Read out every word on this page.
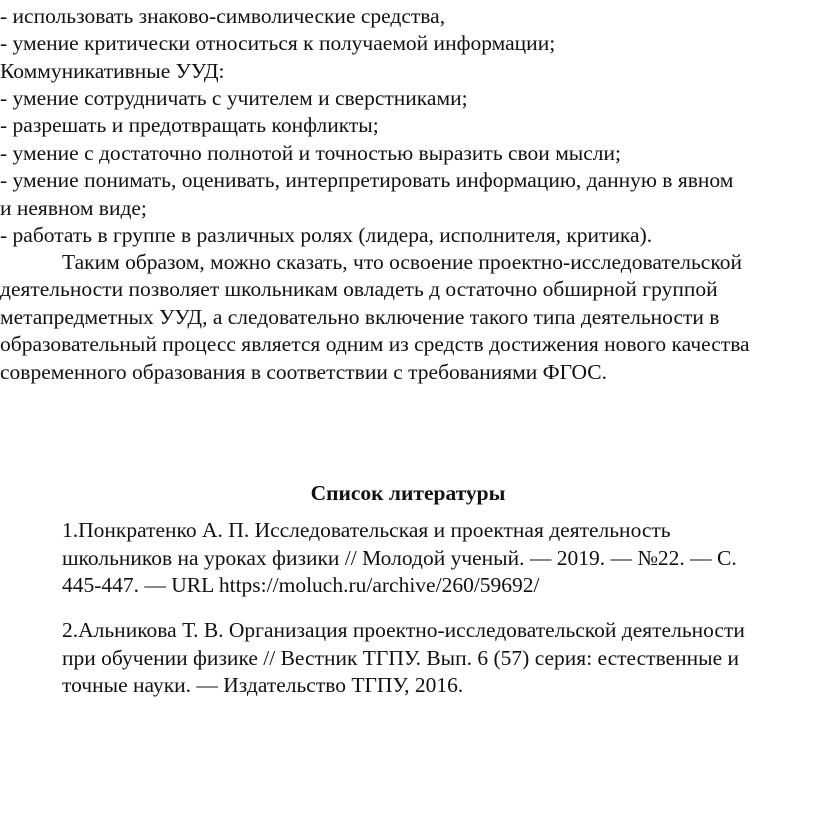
- использовать знаково-символические средства,
- умение критически относиться к получаемой информации;
Коммуникативные УУД:
- умение сотрудничать с учителем и сверстниками;
- разрешать и предотвращать конфликты;
- умение с достаточно полнотой и точностью выразить свои мысли;
- умение понимать, оценивать, интерпретировать информацию, данную в явном
и неявном виде;
- работать в группе в различных ролях (лидера, исполнителя, критика).
Таким образом, можно сказать, что освоение проектно-исследовательской
деятельности позволяет школьникам овладеть д остаточно обширной группой
метапредметных УУД, а следовательно включение такого типа деятельности в
образовательный процесс является одним из средств достижения нового качества
современного образования в соответствии с требованиями ФГОС.
Список литературы
1.Понкратенко А. П. Исследовательская и проектная деятельность
школьников на уроках физики // Молодой ученый. — 2019. — №22. — С.
445-447. — URL https://moluch.ru/archive/260/59692/
2.Альникова Т. В. Организация проектно-исследовательской деятельности
при обучении физике // Вестник ТГПУ. Вып. 6 (57) серия: естественные и
точные науки. — Издательство ТГПУ, 2016.
